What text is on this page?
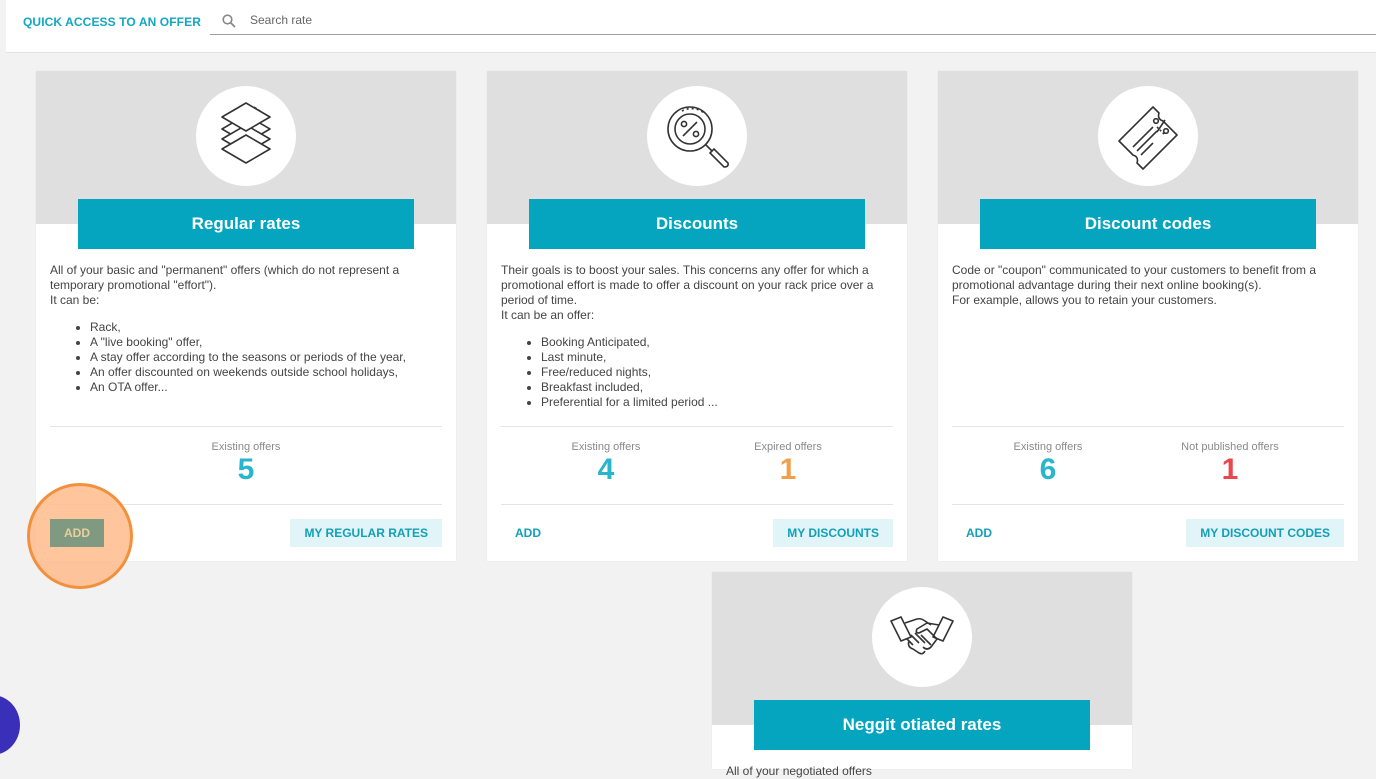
QUICK ACCESS TO AN OFFER
Search rate
Regular rates

All of your basic and "permanent" offers (which do not represent a temporary promotional "effort").

It can be:

• Rack,
• A "live booking" offer,
• A stay offer according to the seasons or periods of the year,
• An offer discounted on weekends outside school holidays,
• An OTA offer...
Existing offers
5
MY REGULAR RATES
Discounts

Their goals is to boost your sales. This concerns any offer for which a promotional effort is made to offer a discount on your rack price over a period of time.

It can be an offer:

• Booking Anticipated,
• Last minute,
• Free/reduced nights,
• Breakfast included,
• Preferential for a limited period ...
Existing offers
4
Expired offers
1
ADD	MY DISCOUNTS
Discount codes

Code or "coupon" communicated to your customers to benefit from a promotional advantage during their next online booking(s).

For example, allows you to retain your customers.

Existing offers
6
Not published offers
1
ADD	MY DISCOUNT CODES
Neggit otiated rates

All of your negotiated offers

ADD
